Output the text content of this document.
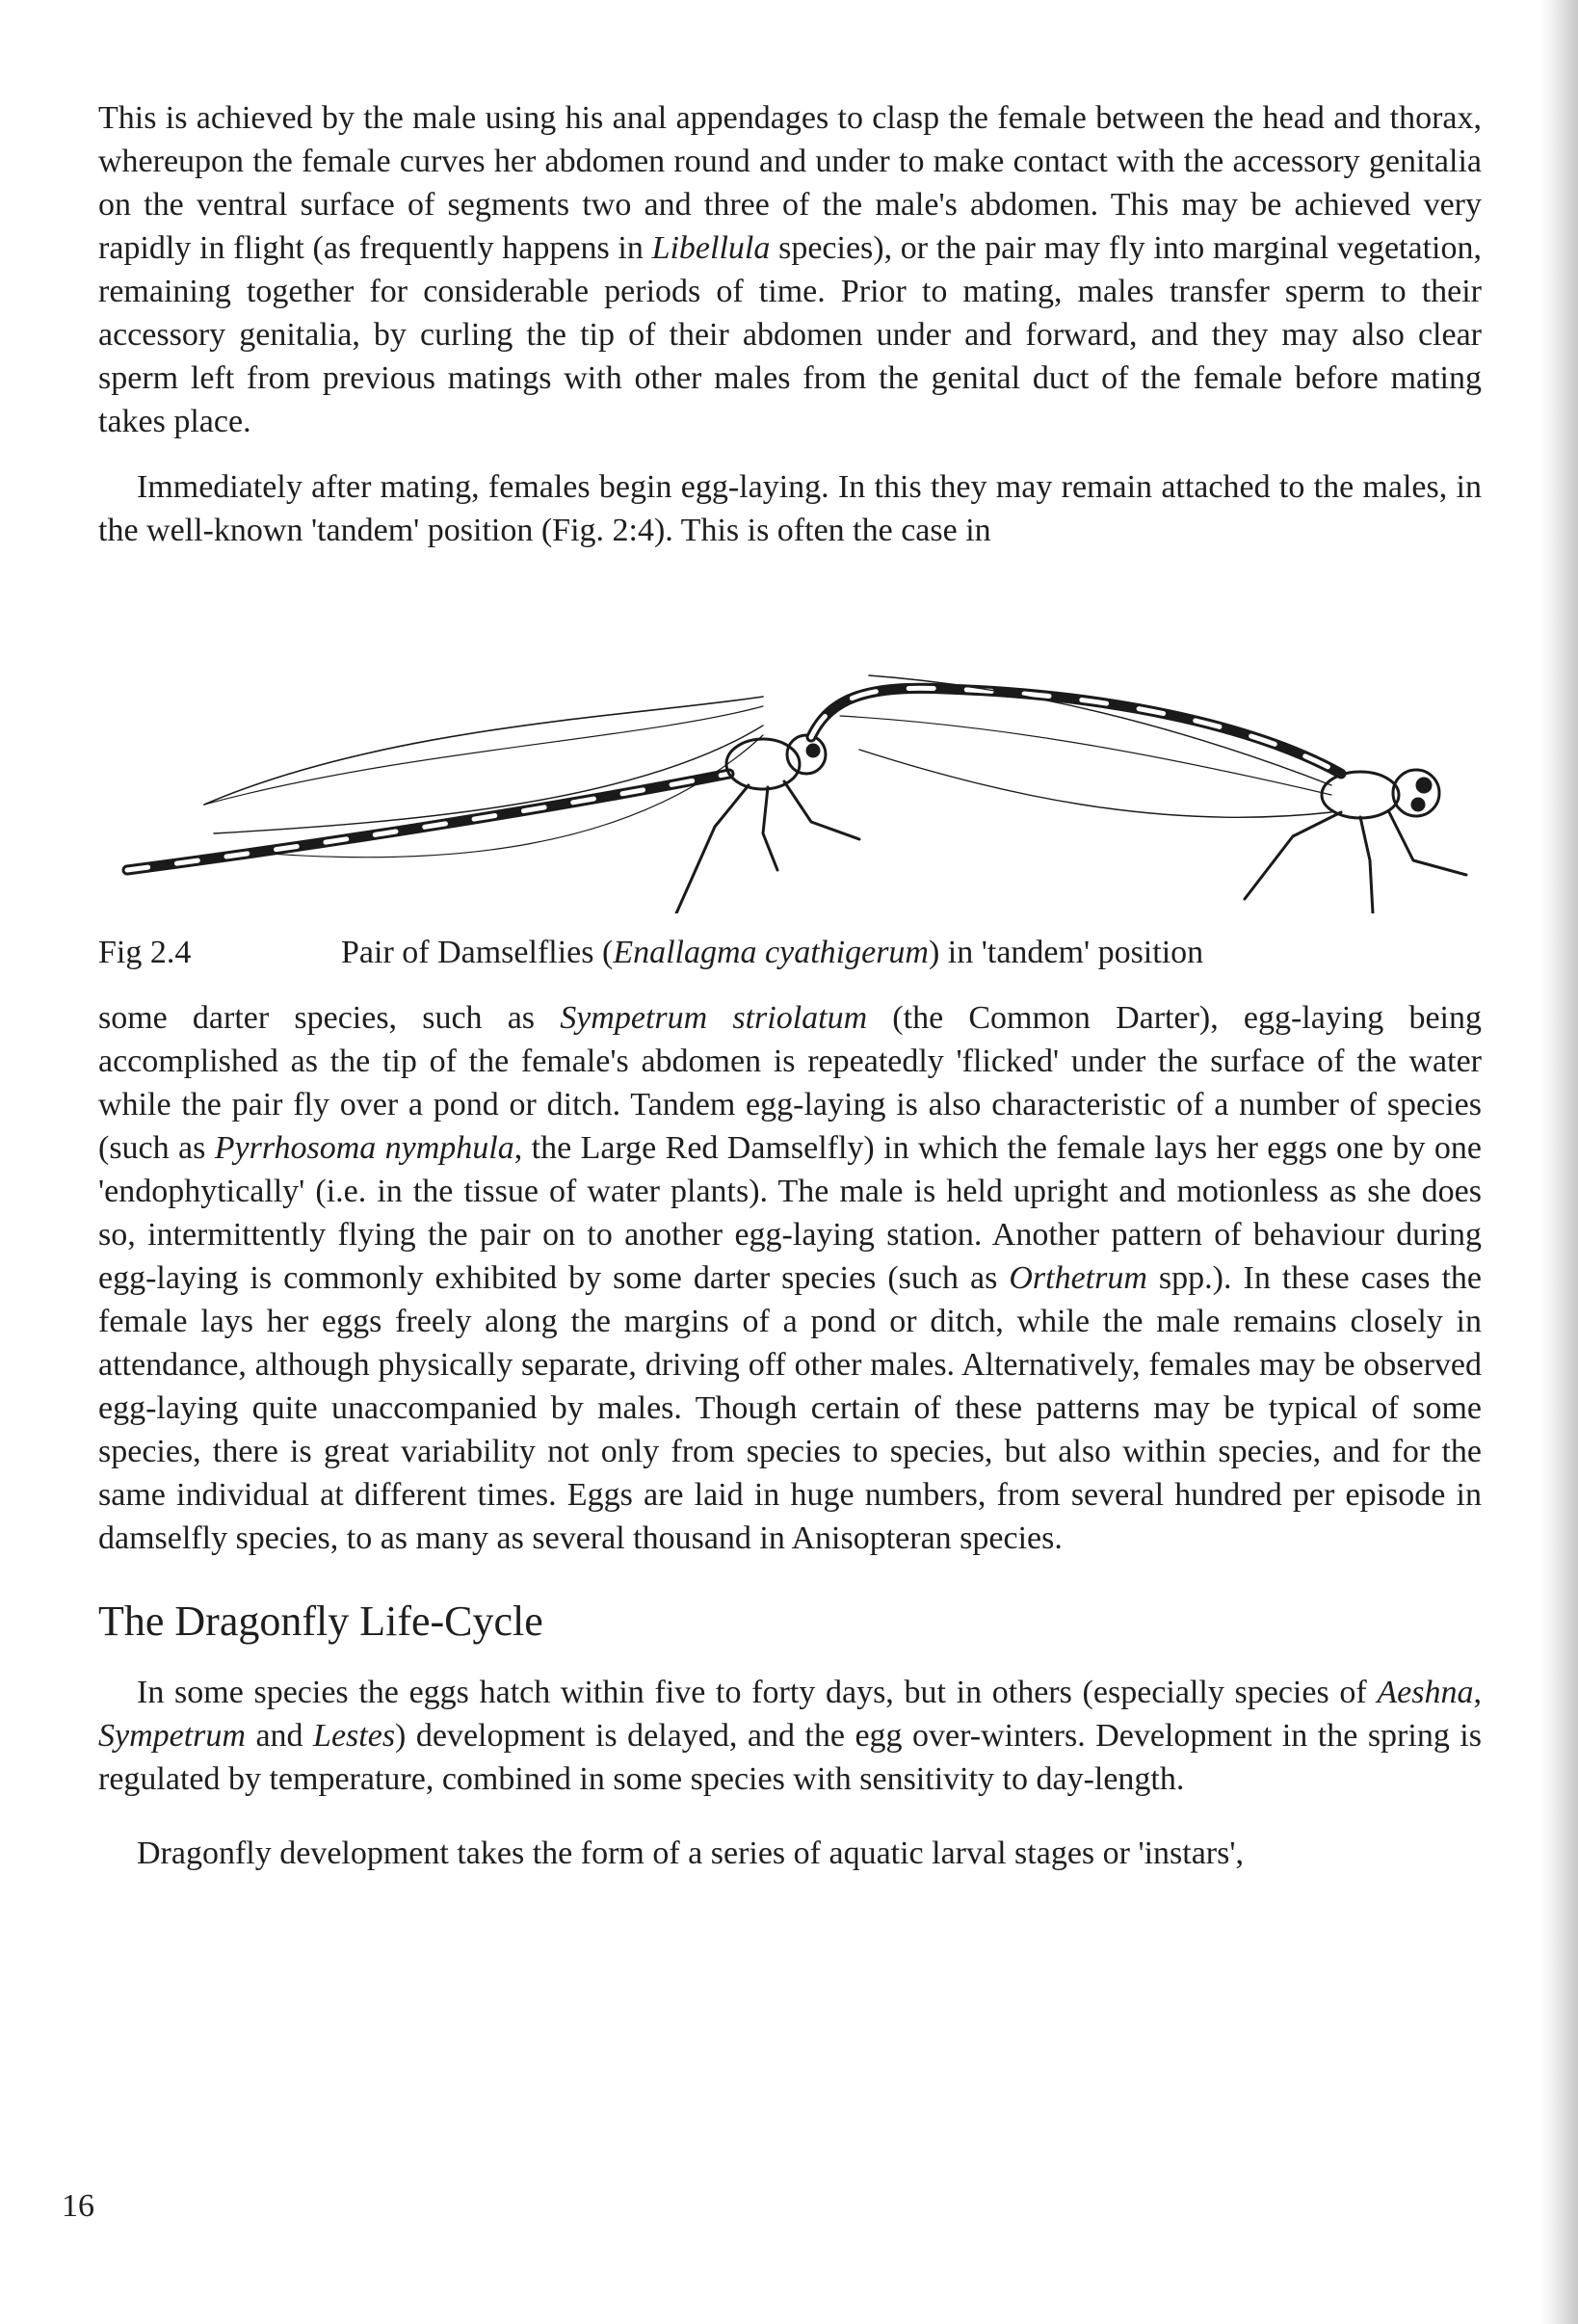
This is achieved by the male using his anal appendages to clasp the female between the head and thorax, whereupon the female curves her abdomen round and under to make contact with the accessory genitalia on the ventral surface of segments two and three of the male's abdomen. This may be achieved very rapidly in flight (as frequently happens in Libellula species), or the pair may fly into marginal vegetation, remaining together for considerable periods of time. Prior to mating, males transfer sperm to their accessory genitalia, by curling the tip of their abdomen under and forward, and they may also clear sperm left from previous matings with other males from the genital duct of the female before mating takes place.

Immediately after mating, females begin egg-laying. In this they may remain attached to the males, in the well-known 'tandem' position (Fig. 2:4). This is often the case in

Fig 2.4	Pair of Damselflies (Enallagma cyathigerum) in 'tandem' position

some darter species, such as Sympetrum striolatum (the Common Darter), egg-laying being accomplished as the tip of the female's abdomen is repeatedly 'flicked' under the surface of the water while the pair fly over a pond or ditch. Tandem egg-laying is also characteristic of a number of species (such as Pyrrhosoma nymphula, the Large Red Damselfly) in which the female lays her eggs one by one 'endophytically' (i.e. in the tissue of water plants). The male is held upright and motionless as she does so, intermittently flying the pair on to another egg-laying station. Another pattern of behaviour during egg-laying is commonly exhibited by some darter species (such as Orthetrum spp.). In these cases the female lays her eggs freely along the margins of a pond or ditch, while the male remains closely in attendance, although physically separate, driving off other males. Alternatively, females may be observed egg-laying quite unaccompanied by males. Though certain of these patterns may be typical of some species, there is great variability not only from species to species, but also within species, and for the same individual at different times. Eggs are laid in huge numbers, from several hundred per episode in damselfly species, to as many as several thousand in Anisopteran species.

The Dragonfly Life-Cycle

In some species the eggs hatch within five to forty days, but in others (especially species of Aeshna, Sympetrum and Lestes) development is delayed, and the egg over-winters. Development in the spring is regulated by temperature, combined in some species with sensitivity to day-length.

Dragonfly development takes the form of a series of aquatic larval stages or 'instars',

16
